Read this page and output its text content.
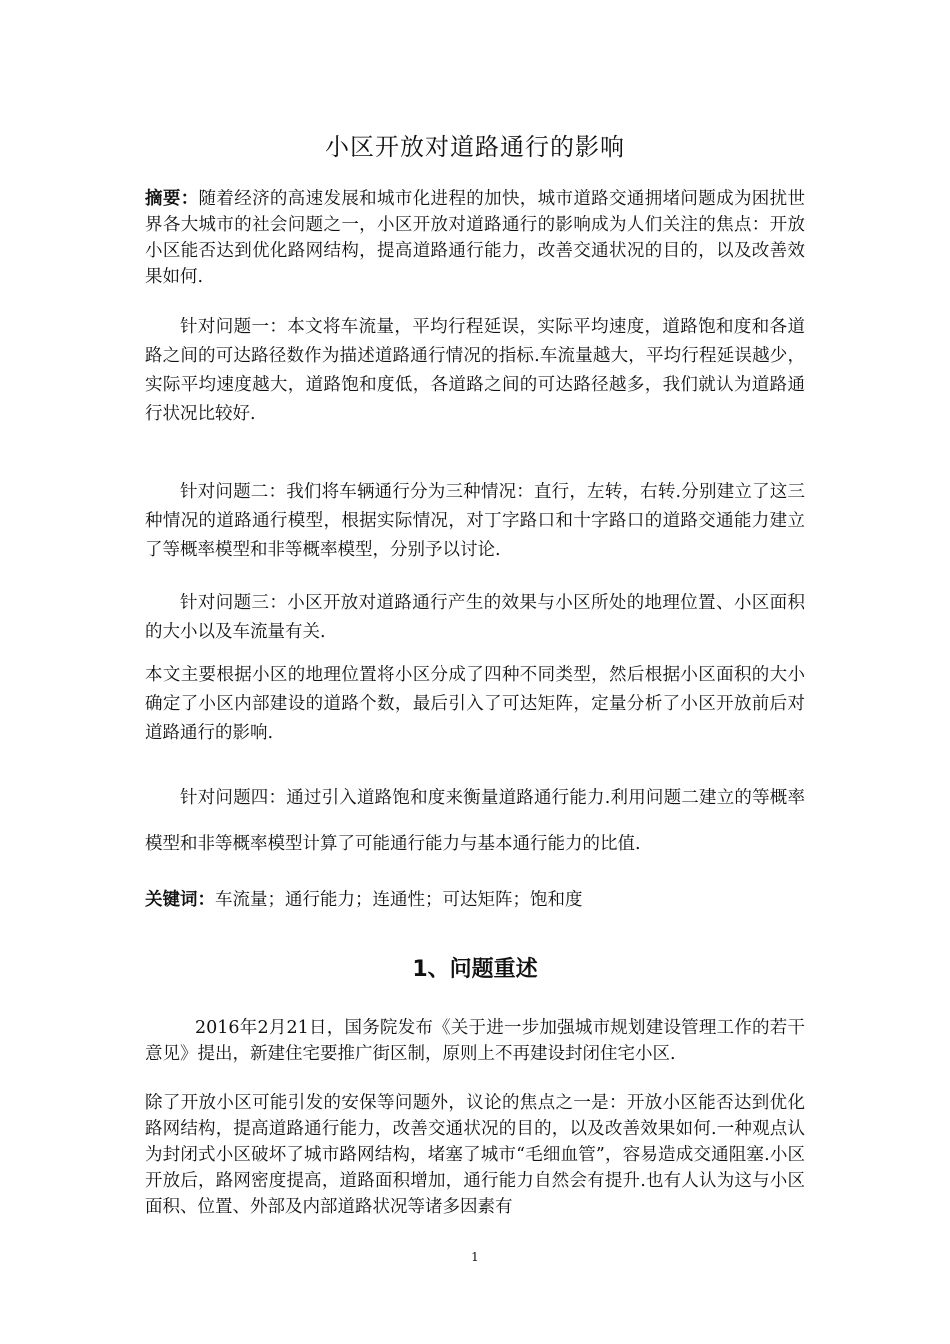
小区开放对道路通行的影响

摘要：随着经济的高速发展和城市化进程的加快，城市道路交通拥堵问题成为困扰世界各大城市的社会问题之一，小区开放对道路通行的影响成为人们关注的焦点：开放小区能否达到优化路网结构，提高道路通行能力，改善交通状况的目的，以及改善效果如何.

针对问题一：本文将车流量，平均行程延误，实际平均速度，道路饱和度和各道路之间的可达路径数作为描述道路通行情况的指标.车流量越大，平均行程延误越少，实际平均速度越大，道路饱和度低，各道路之间的可达路径越多，我们就认为道路通行状况比较好.

针对问题二：我们将车辆通行分为三种情况：直行，左转，右转.分别建立了这三种情况的道路通行模型，根据实际情况，对丁字路口和十字路口的道路交通能力建立了等概率模型和非等概率模型，分别予以讨论.

针对问题三：小区开放对道路通行产生的效果与小区所处的地理位置、小区面积的大小以及车流量有关.

本文主要根据小区的地理位置将小区分成了四种不同类型，然后根据小区面积的大小确定了小区内部建设的道路个数，最后引入了可达矩阵，定量分析了小区开放前后对道路通行的影响.

针对问题四：通过引入道路饱和度来衡量道路通行能力.利用问题二建立的等概率模型和非等概率模型计算了可能通行能力与基本通行能力的比值.

关键词：车流量；通行能力；连通性；可达矩阵；饱和度

1、问题重述

2016年2月21日，国务院发布《关于进一步加强城市规划建设管理工作的若干意见》提出，新建住宅要推广街区制，原则上不再建设封闭住宅小区.

除了开放小区可能引发的安保等问题外，议论的焦点之一是：开放小区能否达到优化路网结构，提高道路通行能力，改善交通状况的目的，以及改善效果如何.一种观点认为封闭式小区破坏了城市路网结构，堵塞了城市“毛细血管”，容易造成交通阻塞.小区开放后，路网密度提高，道路面积增加，通行能力自然会有提升.也有人认为这与小区面积、位置、外部及内部道路状况等诸多因素有

1
